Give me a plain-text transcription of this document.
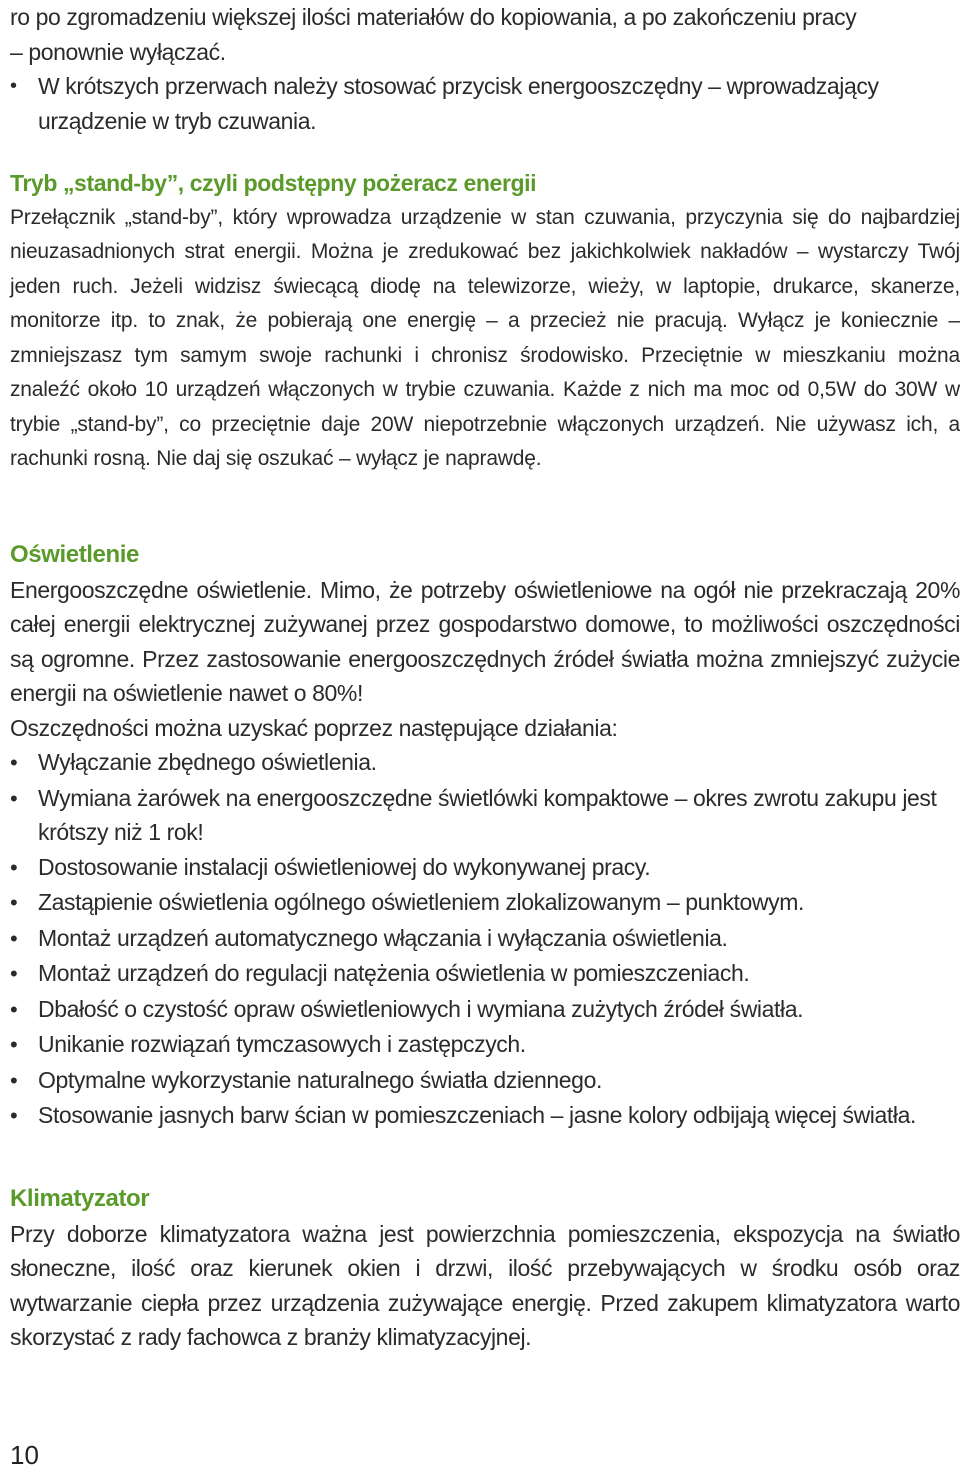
ro po zgromadzeniu większej ilości materiałów do kopiowania, a po zakończeniu pracy
– ponownie wyłączać.
• W krótszych przerwach należy stosować przycisk energooszczędny – wprowadzający urządzenie w tryb czuwania.
Tryb „stand-by”, czyli podstępny pożeracz energii
Przełącznik „stand-by”, który wprowadza urządzenie w stan czuwania, przyczynia się do najbardziej nieuzasadnionych strat energii. Można je zredukować bez jakichkolwiek nakładów – wystarczy Twój jeden ruch. Jeżeli widzisz świecącą diodę na telewizorze, wieży, w laptopie, drukarce, skanerze, monitorze itp. to znak, że pobierają one energię – a przecież nie pracują. Wyłącz je koniecznie – zmniejszasz tym samym swoje rachunki i chronisz środowisko. Przeciętnie w mieszkaniu można znaleźć około 10 urządzeń włączonych w trybie czuwania. Każde z nich ma moc od 0,5W do 30W w trybie „stand-by”, co przeciętnie daje 20W niepotrzebnie włączonych urządzeń. Nie używasz ich, a rachunki rosną. Nie daj się oszukać – wyłącz je naprawdę.
Oświetlenie
Energooszczędne oświetlenie. Mimo, że potrzeby oświetleniowe na ogół nie przekraczają 20% całej energii elektrycznej zużywanej przez gospodarstwo domowe, to możliwości oszczędności są ogromne. Przez zastosowanie energooszczędnych źródeł światła można zmniejszyć zużycie energii na oświetlenie nawet o 80%!
Oszczędności można uzyskać poprzez następujące działania:
•
Wyłączanie zbędnego oświetlenia.
•
Wymiana żarówek na energooszczędne świetlówki kompaktowe – okres zwrotu zakupu jest krótszy niż 1 rok!
•
Dostosowanie instalacji oświetleniowej do wykonywanej pracy.
•
Zastąpienie oświetlenia ogólnego oświetleniem zlokalizowanym – punktowym.
•
Montaż urządzeń automatycznego włączania i wyłączania oświetlenia.
•
Montaż urządzeń do regulacji natężenia oświetlenia w pomieszczeniach.
•
Dbałość o czystość opraw oświetleniowych i wymiana zużytych źródeł światła.
•
Unikanie rozwiązań tymczasowych i zastępczych.
•
Optymalne wykorzystanie naturalnego światła dziennego.
•
Stosowanie jasnych barw ścian w pomieszczeniach – jasne kolory odbijają więcej światła.
Klimatyzator
Przy doborze klimatyzatora ważna jest powierzchnia pomieszczenia, ekspozycja na światło słoneczne, ilość oraz kierunek okien i drzwi, ilość przebywających w środku osób oraz wytwarzanie ciepła przez urządzenia zużywające energię. Przed zakupem klimatyzatora warto skorzystać z rady fachowca z branży klimatyzacyjnej.
10
